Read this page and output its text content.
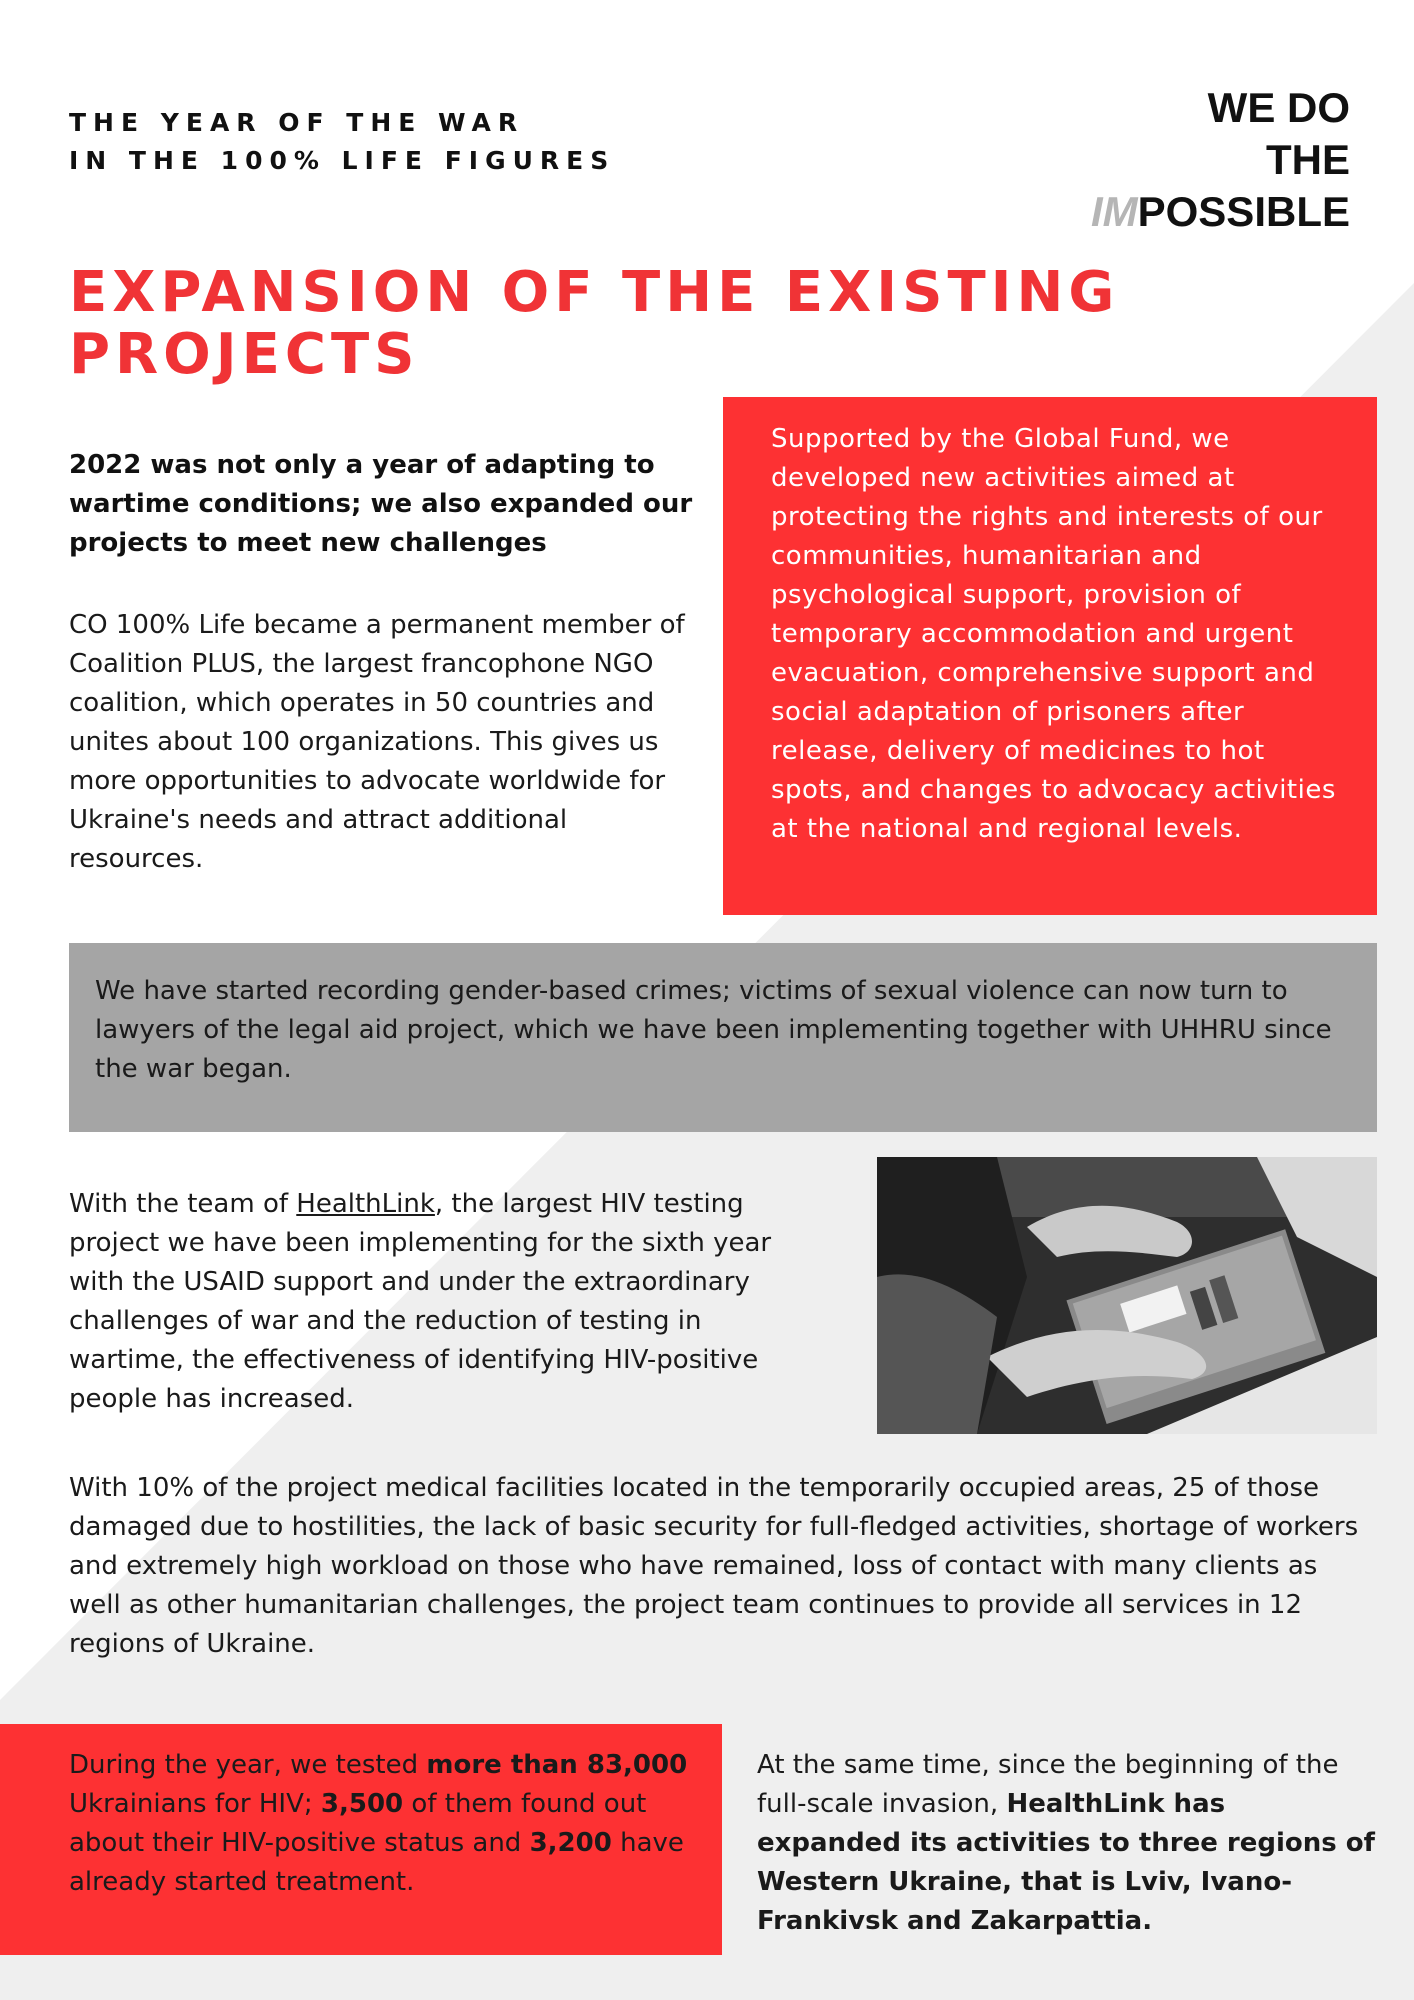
THE YEAR OF THE WAR
IN THE 100% LIFE FIGURES
WE DO
THE IMPOSSIBLE
EXPANSION OF THE EXISTING
PROJECTS

2022 was not only a year of adapting to wartime conditions; we also expanded our projects to meet new challenges

CO 100% Life became a permanent member of Coalition PLUS, the largest francophone NGO coalition, which operates in 50 countries and unites about 100 organizations. This gives us more opportunities to advocate worldwide for Ukraine's needs and attract additional resources.

Supported by the Global Fund, we developed new activities aimed at protecting the rights and interests of our communities, humanitarian and psychological support, provision of temporary accommodation and urgent evacuation, comprehensive support and social adaptation of prisoners after release, delivery of medicines to hot spots, and changes to advocacy activities at the national and regional levels.

We have started recording gender-based crimes; victims of sexual violence can now turn to lawyers of the legal aid project, which we have been implementing together with UHHRU since the war began.

With the team of HealthLink, the largest HIV testing project we have been implementing for the sixth year with the USAID support and under the extraordinary challenges of war and the reduction of testing in wartime, the effectiveness of identifying HIV-positive people has increased.

With 10% of the project medical facilities located in the temporarily occupied areas, 25 of those damaged due to hostilities, the lack of basic security for full-fledged activities, shortage of workers and extremely high workload on those who have remained, loss of contact with many clients as well as other humanitarian challenges, the project team continues to provide all services in 12 regions of Ukraine.

During the year, we tested more than 83,000 Ukrainians for HIV; 3,500 of them found out about their HIV-positive status and 3,200 have already started treatment.

At the same time, since the beginning of the full-scale invasion, HealthLink has expanded its activities to three regions of Western Ukraine, that is Lviv, Ivano-Frankivsk and Zakarpattia.
